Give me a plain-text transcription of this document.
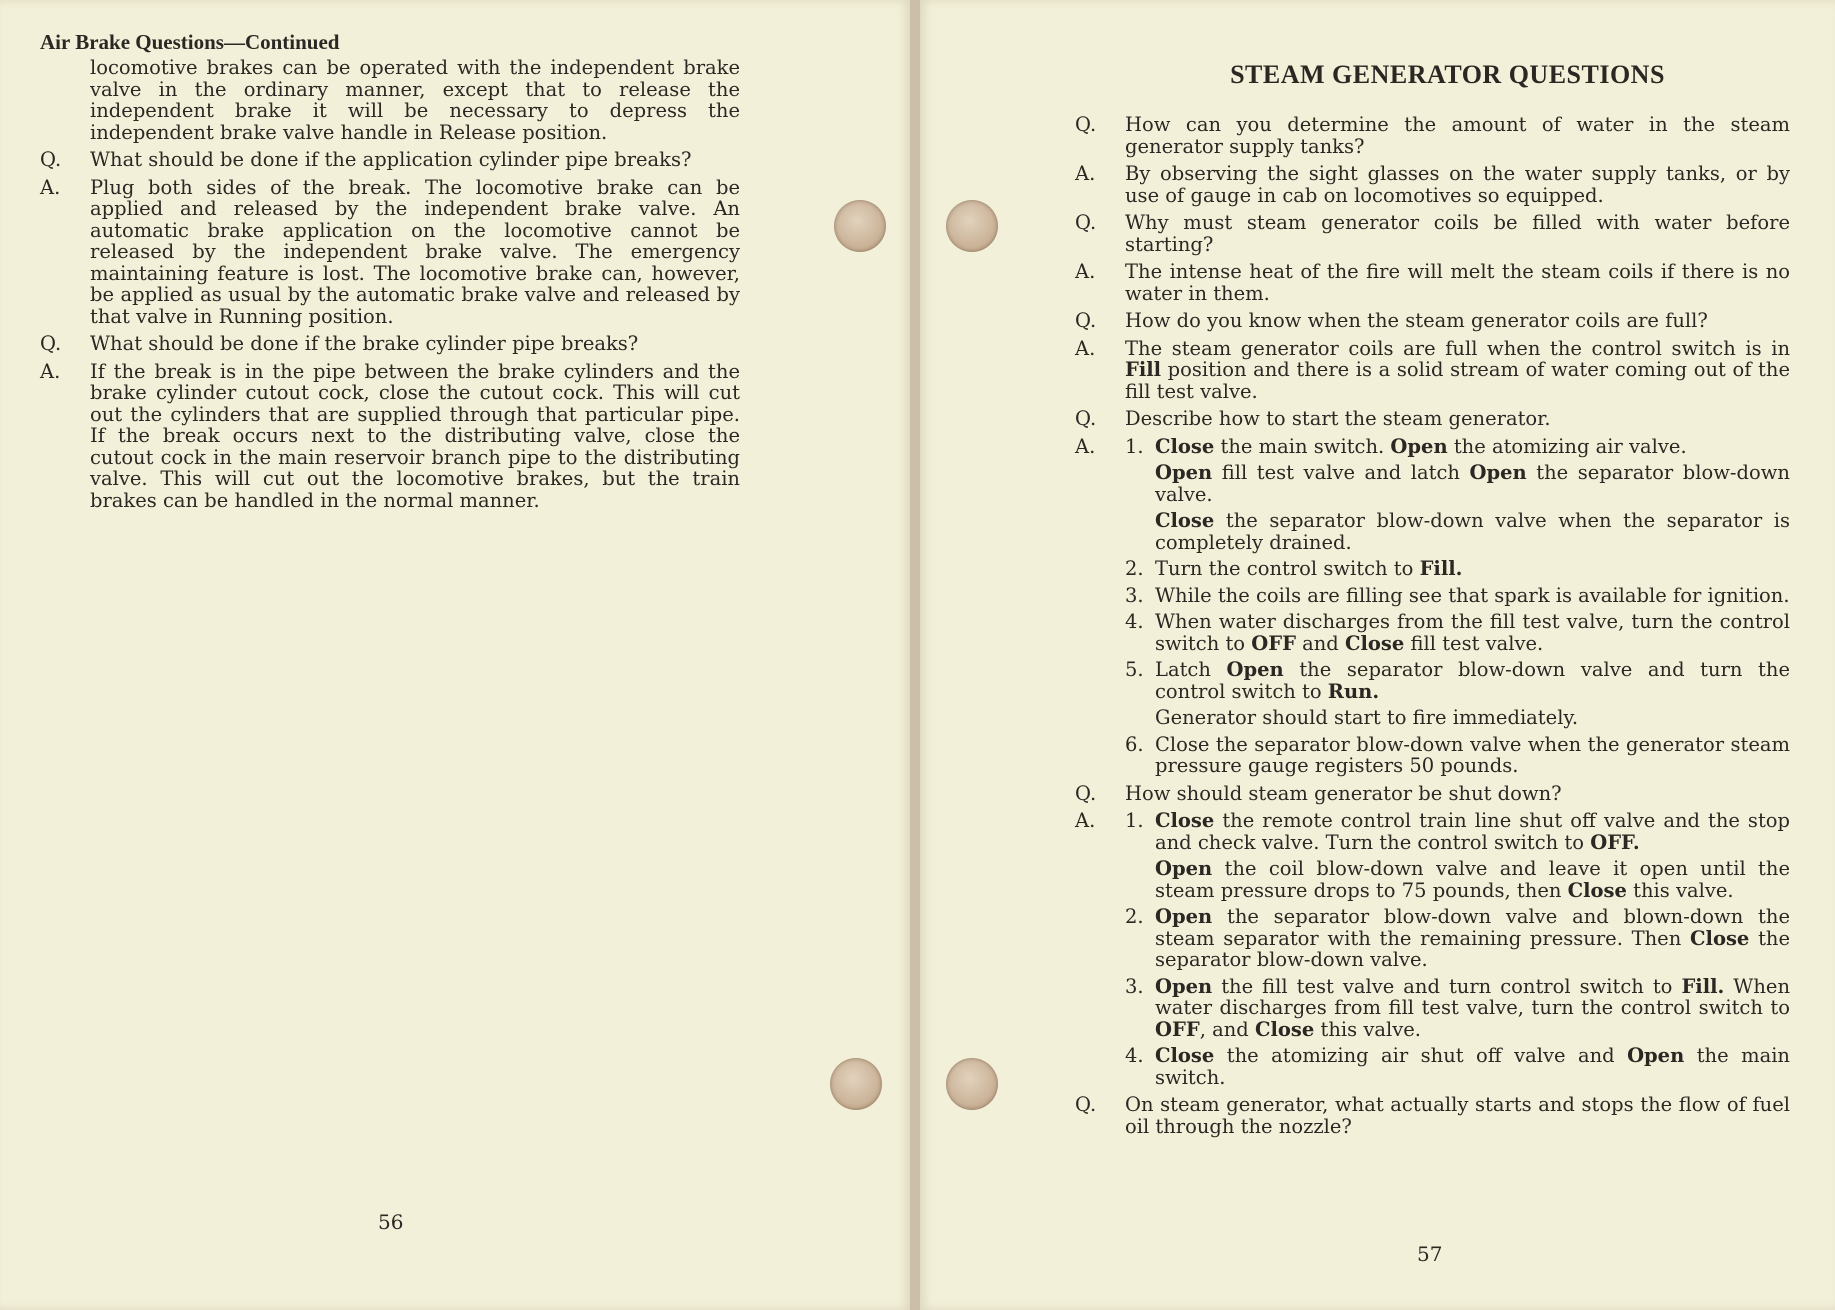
Air Brake Questions—Continued
locomotive brakes can be operated with the independent brake valve in the ordinary manner, except that to release the independent brake it will be necessary to depress the independent brake valve handle in Release position.
Q.	What should be done if the application cylinder pipe breaks?
A.	Plug both sides of the break. The locomotive brake can be applied and released by the independent brake valve. An automatic brake application on the locomotive cannot be released by the independent brake valve. The emergency maintaining feature is lost. The locomotive brake can, however, be applied as usual by the automatic brake valve and released by that valve in Running position.
Q.	What should be done if the brake cylinder pipe breaks?
A.	If the break is in the pipe between the brake cylinders and the brake cylinder cutout cock, close the cutout cock. This will cut out the cylinders that are supplied through that particular pipe. If the break occurs next to the distributing valve, close the cutout cock in the main reservoir branch pipe to the distributing valve. This will cut out the locomotive brakes, but the train brakes can be handled in the normal manner.
56
STEAM GENERATOR QUESTIONS
Q.	How can you determine the amount of water in the steam generator supply tanks?
A.	By observing the sight glasses on the water supply tanks, or by use of gauge in cab on locomotives so equipped.
Q.	Why must steam generator coils be filled with water before starting?
A.	The intense heat of the fire will melt the steam coils if there is no water in them.
Q.	How do you know when the steam generator coils are full?
A.	The steam generator coils are full when the control switch is in Fill position and there is a solid stream of water coming out of the fill test valve.
Q.	Describe how to start the steam generator.
A.	1. Close the main switch. Open the atomizing air valve.
Open fill test valve and latch Open the separator blow-down valve.
Close the separator blow-down valve when the separator is completely drained.
2. Turn the control switch to Fill.
3. While the coils are filling see that spark is available for ignition.
4. When water discharges from the fill test valve, turn the control switch to OFF and Close fill test valve.
5. Latch Open the separator blow-down valve and turn the control switch to Run.
Generator should start to fire immediately.
6. Close the separator blow-down valve when the generator steam pressure gauge registers 50 pounds.
Q.	How should steam generator be shut down?
A.	1. Close the remote control train line shut off valve and the stop and check valve. Turn the control switch to OFF.
Open the coil blow-down valve and leave it open until the steam pressure drops to 75 pounds, then Close this valve.
2. Open the separator blow-down valve and blown-down the steam separator with the remaining pressure. Then Close the separator blow-down valve.
3. Open the fill test valve and turn control switch to Fill. When water discharges from fill test valve, turn the control switch to OFF, and Close this valve.
4. Close the atomizing air shut off valve and Open the main switch.
Q.	On steam generator, what actually starts and stops the flow of fuel oil through the nozzle?
57
